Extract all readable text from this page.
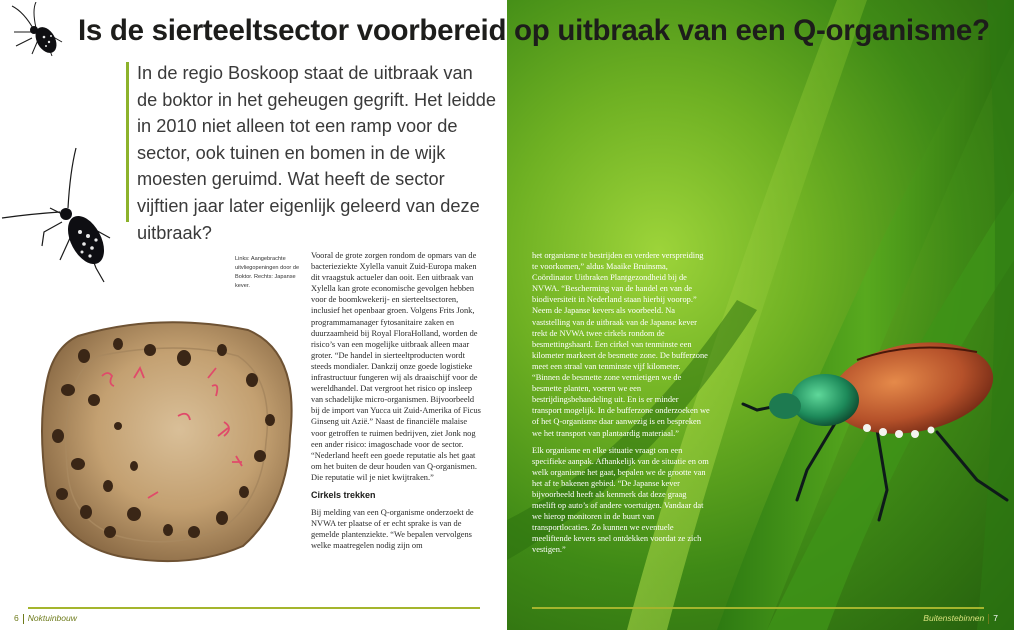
In de regio Boskoop staat de uitbraak van de boktor in het geheugen gegrift. Het leidde in 2010 niet alleen tot een ramp voor de sector, ook tuinen en bomen in de wijk moesten geruimd. Wat heeft de sector vijftien jaar later eigenlijk geleerd van deze uitbraak?

Links: Aangebrachte uitvliegopeningen door de Boktor. Rechts: Japanse kever.

Vooral de grote zorgen rondom de opmars van de bacterieziekte Xylella vanuit Zuid-Europa maken dit vraagstuk actueler dan ooit. Een uitbraak van Xylella kan grote economische gevolgen hebben voor de boomkwekerij- en sierteeltsectoren, inclusief het openbaar groen. Volgens Frits Jonk, programmamanager fytosanitaire zaken en duurzaamheid bij Royal FloraHolland, worden de risico’s van een mogelijke uitbraak alleen maar groter. “De handel in sierteeltproducten wordt steeds mondialer. Dankzij onze goede logistieke infrastructuur fungeren wij als draaischijf voor de wereldhandel. Dat vergroot het risico op insleep van schadelijke micro-organismen. Bijvoorbeeld bij de import van Yucca uit Zuid-Amerika of Ficus Ginseng uit Azië.” Naast de financiële malaise voor getroffen te ruimen bedrijven, ziet Jonk nog een ander risico: imagoschade voor de sector. “Nederland heeft een goede reputatie als het gaat om het buiten de deur houden van Q-organismen. Die reputatie wil je niet kwijtraken.”

Cirkels trekken

Bij melding van een Q-organisme onderzoekt de NVWA ter plaatse of er echt sprake is van de gemelde plantenziekte. “We bepalen vervolgens welke maatregelen nodig zijn om

6 Noktuinbouw

het organisme te bestrijden en verdere verspreiding te voorkomen,” aldus Maaike Bruinsma, Coördinator Uitbraken Plantgezondheid bij de NVWA. “Bescherming van de handel en van de biodiversiteit in Nederland staan hierbij voorop.” Neem de Japanse kevers als voorbeeld. Na vaststelling van de uitbraak van de Japanse kever trekt de NVWA twee cirkels rondom de besmettingshaard. Een cirkel van tenminste een kilometer markeert de besmette zone. De bufferzone meet een straal van tenminste vijf kilometer. “Binnen de besmette zone vernietigen we de besmette planten, voeren we een bestrijdingsbehandeling uit. En is er minder transport mogelijk. In de bufferzone onderzoeken we of het Q-organisme daar aanwezig is en bespreken we het transport van plantaardig materiaal.”

Elk organisme en elke situatie vraagt om een specifieke aanpak. Afhankelijk van de situatie en om welk organisme het gaat, bepalen we de grootte van het af te bakenen gebied. “De Japanse kever bijvoorbeeld heeft als kenmerk dat deze graag meelift op auto’s of andere voertuigen. Vandaar dat we hierop monitoren in de buurt van transportlocaties. Zo kunnen we eventuele meeliftende kevers snel ontdekken voordat ze zich vestigen.”

Buitenstebinnen 7
Is de sierteeltsector voorbereid op uitbraak van een Q-organisme?
